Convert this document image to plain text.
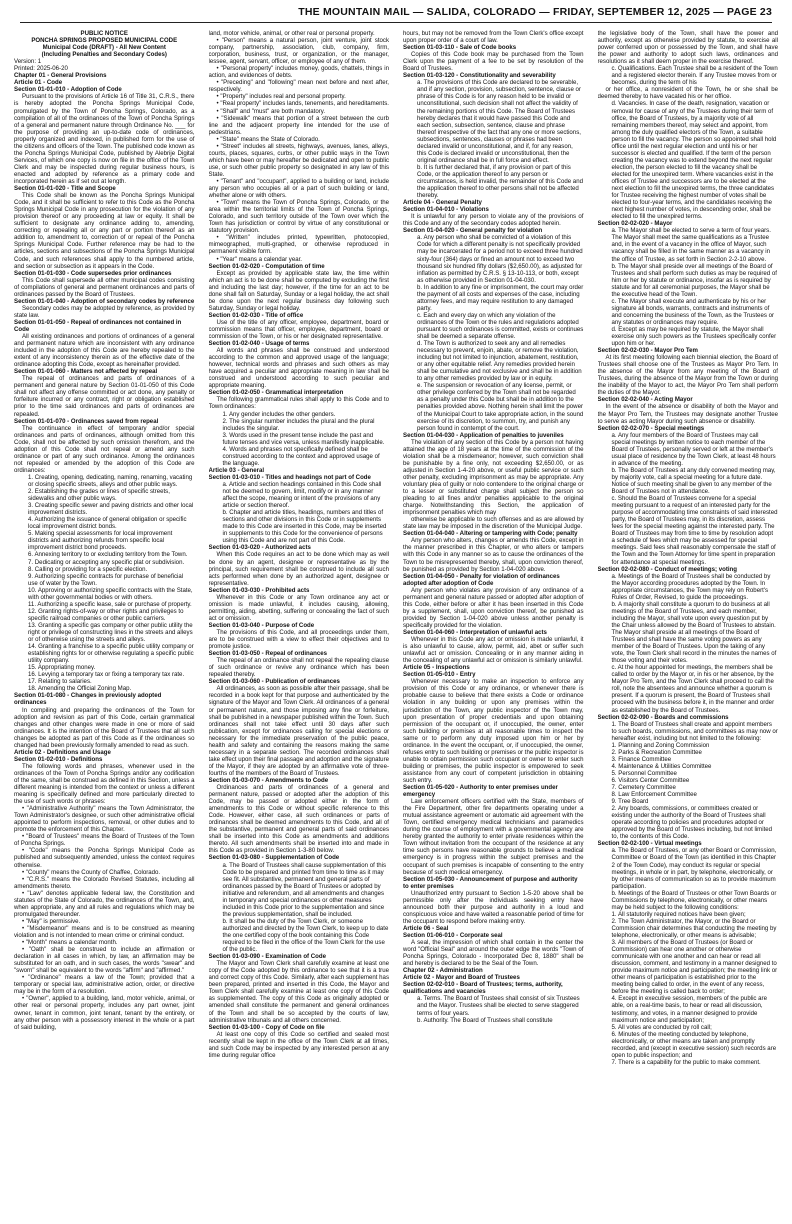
THE MOUNTAIN MAIL — SALIDA, COLORADO — FRIDAY, SEPTEMBER 12, 2025 — PAGE 23

PUBLIC NOTICE

PONCHA SPRINGS PROPOSED MUNICIPAL CODE

Municipal Code (DRAFT) - All New Content

(Including Penalties and Secondary Codes)

Version: 1

Printed: 2025-06-20

Chapter 01 - General Provisions

Article 01 - Code

Section 01-01-010 - Adoption of Code

Pursuant to the provisions of Article 16 of Title 31, C.R.S., there is hereby adopted the Poncha Springs Municipal Code, promulgated by the Town of Poncha Springs, Colorado, as a compilation of all of the ordinances of the Town of Poncha Springs of a general and permanent nature through Ordinance No. ___ for the purpose of providing an up-to-date code of ordinances, properly organized and indexed, in published form for the use of the citizens and officers of the Town. The published code known as the Poncha Springs Municipal Code, published by Alebrije Digital Services, of which one copy is now on file in the office of the Town Clerk and may be inspected during regular business hours, is enacted and adopted by reference as a primary code and incorporated herein as if set out at length.

Section 01-01-020 - Title and Scope

This Code shall be known as the Poncha Springs Municipal Code, and it shall be sufficient to refer to this Code as the Poncha Springs Municipal Code in any prosecution for the violation of any provision thereof or any proceeding at law or equity. It shall be sufficient to designate any ordinance adding to, amending, correcting or repealing all or any part or portion thereof as an addition to, amendment to, correction of or repeal of the Poncha Springs Municipal Code. Further reference may be had to the articles, sections and subsections of the Poncha Springs Municipal Code, and such references shall apply to the numbered article, and section or subsection as it appears in the Code.

Section 01-01-030 - Code supersedes prior ordinances

This Code shall supersede all other municipal codes consisting of compilations of general and permanent ordinances and parts of ordinances passed by the Board of Trustees.

Section 01-01-040 - Adoption of secondary codes by reference

Secondary codes may be adopted by reference, as provided by state law.

Section 01-01-050 - Repeal of ordinances not contained in Code

All existing ordinances and portions of ordinances of a general and permanent nature which are inconsistent with any ordinance included in the adoption of this Code are hereby repealed to the extent of any inconsistency therein as of the effective date of the ordinance adopting this Code, except as hereinafter provided.

Section 01-01-060 - Matters not affected by repeal

The repeal of ordinances and parts of ordinances of a permanent and general nature by Section 01-01-050 of this Code shall not affect any offense committed or act done, any penalty or forfeiture incurred or any contract, right or obligation established prior to the time said ordinances and parts of ordinances are repealed.

Section 01-01-070 - Ordinances saved from repeal

The continuance in effect of temporary and/or special ordinances and parts of ordinances, although omitted from this Code, shall not be affected by such omission therefrom, and the adoption of this Code shall not repeal or amend any such ordinance or part of any such ordinance. Among the ordinances not repealed or amended by the adoption of this Code are ordinances:

1. Creating, opening, dedicating, naming, renaming, vacating or closing specific streets, alleys and other public ways.

2. Establishing the grades or lines of specific streets, sidewalks and other public ways.

3. Creating specific sewer and paving districts and other local improvement districts.

4. Authorizing the issuance of general obligation or specific local improvement district bonds.

5. Making special assessments for local improvement districts and authorizing refunds from specific local improvement district bond proceeds.

6. Annexing territory to or excluding territory from the Town.

7. Dedicating or accepting any specific plat or subdivision.

8. Calling or providing for a specific election.

9. Authorizing specific contracts for purchase of beneficial use of water by the Town.

10. Approving or authorizing specific contracts with the State, with other governmental bodies or with others.

11. Authorizing a specific lease, sale or purchase of property.

12. Granting rights-of-way or other rights and privileges to specific railroad companies or other public carriers.

13. Granting a specific gas company or other public utility the right or privilege of constructing lines in the streets and alleys or of otherwise using the streets and alleys.

14. Granting a franchise to a specific public utility company or establishing rights for or otherwise regulating a specific public utility company.

15. Appropriating money.

16. Levying a temporary tax or fixing a temporary tax rate.

17. Relating to salaries.

18. Amending the Official Zoning Map.

Section 01-01-080 - Changes in previously adopted ordinances

In compiling and preparing the ordinances of the Town for adoption and revision as part of this Code, certain grammatical changes and other changes were made in one or more of said ordinances. It is the intention of the Board of Trustees that all such changes be adopted as part of this Code as if the ordinances so changed had been previously formally amended to read as such.

Article 02 - Definitions and Usage

Section 01-02-010 - Definitions

The following words and phrases, whenever used in the ordinances of the Town of Poncha Springs and/or any codification of the same, shall be construed as defined in this Section, unless a different meaning is intended from the context or unless a different meaning is specifically defined and more particularly directed to the use of such words or phrases:

• "Administrative Authority" means the Town Administrator, the Town Administrator's designee, or such other administrative official appointed to perform inspections, removal, or other duties and to promote the enforcement of this Chapter.

• "Board of Trustees" means the Board of Trustees of the Town of Poncha Springs.

• "Code" means the Poncha Springs Municipal Code as published and subsequently amended, unless the context requires otherwise.

• "County" means the County of Chaffee, Colorado.

• "C.R.S." means the Colorado Revised Statutes, including all amendments thereto.

• "Law" denotes applicable federal law, the Constitution and statutes of the State of Colorado, the ordinances of the Town, and, when appropriate, any and all rules and regulations which may be promulgated thereunder.

• "May" is permissive.

• "Misdemeanor" means and is to be construed as meaning violation and is not intended to mean crime or criminal conduct.

• "Month" means a calendar month.

• "Oath" shall be construed to include an affirmation or declaration in all cases in which, by law, an affirmation may be substituted for an oath, and in such cases, the words "swear" and "sworn" shall be equivalent to the words "affirm" and "affirmed."

• "Ordinance" means a law of the Town; provided that a temporary or special law, administrative action, order, or directive may be in the form of a resolution.

• "Owner", applied to a building, land, motor vehicle, animal, or other real or personal property, includes any part owner, joint owner, tenant in common, joint tenant, tenant by the entirety, or any other person with a possessory interest in the whole or a part of said building,

land, motor vehicle, animal, or other real or personal property.

• "Person" means a natural person, joint venture, joint stock company, partnership, association, club, company, firm, corporation, business, trust, or organization, or the manager, lessee, agent, servant, officer, or employee of any of them.

• "Personal property" includes money, goods, chattels, things in action, and evidences of debts.

• "Preceding" and "following" mean next before and next after, respectively.

• "Property" includes real and personal property.

• "Real property" includes lands, tenements, and hereditaments.

• "Shall" and "must" are both mandatory.

• "Sidewalk" means that portion of a street between the curb line and the adjacent property line intended for the use of pedestrians.

• "State" means the State of Colorado.

• "Street" includes all streets, highways, avenues, lanes, alleys, courts, places, squares, curbs, or other public ways in the Town which have been or may hereafter be dedicated and open to public use, or such other public property so designated in any law of this State.

• "Tenant" and "occupant", applied to a building or land, include any person who occupies all or a part of such building or land, whether alone or with others.

• "Town" means the Town of Poncha Springs, Colorado, or the area within the territorial limits of the Town of Poncha Springs, Colorado, and such territory outside of the Town over which the Town has jurisdiction or control by virtue of any constitutional or statutory provision.

• "Written" includes printed, typewritten, photocopied, mimeographed, multi-graphed, or otherwise reproduced in permanent visible form.

• "Year" means a calendar year.

Section 01-02-020 - Computation of time

Except as provided by applicable state law, the time within which an act is to be done shall be computed by excluding the first and including the last day; however, if the time for an act to be done shall fall on Saturday, Sunday or a legal holiday, the act shall be done upon the next regular business day following such Saturday, Sunday or legal holiday.

Section 01-02-030 - Title of office

Use of the title of any officer, employee, department, board or commission means that officer, employee, department, board or commission of the Town, or his or her designated representative.

Section 01-02-040 - Usage of terms

All words and phrases shall be construed and understood according to the common and approved usage of the language; however, technical words and phrases and such others as may have acquired a peculiar and appropriate meaning in law shall be construed and understood according to such peculiar and appropriate meaning.

Section 01-02-050 - Grammatical interpretation

The following grammatical rules shall apply to this Code and to Town ordinances:

1. Any gender includes the other genders.

2. The singular number includes the plural and the plural includes the singular.

3. Words used in the present tense include the past and future tenses and vice versa, unless manifestly inapplicable.

4. Words and phrases not specifically defined shall be construed according to the context and approved usage of the language.

Article 03 - General

Section 01-03-010 - Titles and headings not part of Code

a. Article and section headings contained in this Code shall not be deemed to govern, limit, modify or in any manner affect the scope, meaning or intent of the provisions of any article or section thereof.

b. Chapter and article titles, headings, numbers and titles of sections and other divisions in this Code or in supplements made to this Code are inserted in this Code, may be inserted in supplements to this Code for the convenience of persons using this Code and are not part of this Code.

Section 01-03-020 - Authorized acts

When this Code requires an act to be done which may as well be done by an agent, designee or representative as by the principal, such requirement shall be construed to include all such acts performed when done by an authorized agent, designee or representative.

Section 01-03-030 - Prohibited acts

Whenever in this Code or any Town ordinance any act or omission is made unlawful, it includes causing, allowing, permitting, aiding, abetting, suffering or concealing the fact of such act or omission.

Section 01-03-040 - Purpose of Code

The provisions of this Code, and all proceedings under them, are to be construed with a view to effect their objectives and to promote justice.

Section 01-03-050 - Repeal of ordinances

The repeal of an ordinance shall not repeal the repealing clause of such ordinance or revive any ordinance which has been repealed thereby.

Section 01-03-060 - Publication of ordinances

All ordinances, as soon as possible after their passage, shall be recorded in a book kept for that purpose and authenticated by the signature of the Mayor and Town Clerk. All ordinances of a general or permanent nature, and those imposing any fine or forfeiture, shall be published in a newspaper published within the Town. Such ordinances shall not take effect until 30 days after such publication, except for ordinances calling for special elections or necessary for the immediate preservation of the public peace, health and safety and containing the reasons making the same necessary in a separate section. The recorded ordinances shall take effect upon their final passage and adoption and the signature of the Mayor, if they are adopted by an affirmative vote of three-fourths of the members of the Board of Trustees.

Section 01-03-070 - Amendments to Code

Ordinances and parts of ordinances of a general and permanent nature, passed or adopted after the adoption of this Code, may be passed or adopted either in the form of amendments to this Code or without specific reference to this Code. However, either case, all such ordinances or parts of ordinances shall be deemed amendments to this Code, and all of the substantive, permanent and general parts of said ordinances shall be inserted into this Code as amendments and additions thereto. All such amendments shall be inserted into and made in this Code as provided in Section 1-3-80 below.

Section 01-03-080 - Supplementation of Code

a. The Board of Trustees shall cause supplementation of this Code to be prepared and printed from time to time as it may see fit. All substantive, permanent and general parts of ordinances passed by the Board of Trustees or adopted by initiative and referendum, and all amendments and changes in temporary and special ordinances or other measures included in this Code prior to the supplementation and since the previous supplementation, shall be included.

b. It shall be the duty of the Town Clerk, or someone authorized and directed by the Town Clerk, to keep up to date the one certified copy of the book containing this Code required to be filed in the office of the Town Clerk for the use of the public.

Section 01-03-090 - Examination of Code

The Mayor and Town Clerk shall carefully examine at least one copy of the Code adopted by this ordinance to see that it is a true and correct copy of this Code. Similarly, after each supplement has been prepared, printed and inserted in this Code, the Mayor and Town Clerk shall carefully examine at least one copy of this Code as supplemented. The copy of this Code as originally adopted or amended shall constitute the permanent and general ordinances of the Town and shall be so accepted by the courts of law, administrative tribunals and all others concerned.

Section 01-03-100 - Copy of Code on file

At least one copy of this Code so certified and sealed most recently shall be kept in the office of the Town Clerk at all times, and such Code may be inspected by any interested person at any time during regular office

hours, but may not be removed from the Town Clerk's office except upon proper order of a court of law.

Section 01-03-110 - Sale of Code books

Copies of this Code book may be purchased from the Town Clerk upon the payment of a fee to be set by resolution of the Board of Trustees.

Section 01-03-120 - Constitutionality and severability

a. The provisions of this Code are declared to be severable, and if any section, provision, subsection, sentence, clause or phrase of this Code is for any reason held to be invalid or unconstitutional, such decision shall not affect the validity of the remaining portions of this Code. The Board of Trustees hereby declares that it would have passed this Code and each section, subsection, sentence, clause and phrase thereof irrespective of the fact that any one or more sections, subsections, sentences, clauses or phrases had been declared invalid or unconstitutional, and if, for any reason, this Code is declared invalid or unconstitutional, then the original ordinance shall be in full force and effect.

b. It is further declared that, if any provision or part of this Code, or the application thereof to any person or circumstances, is held invalid, the remainder of this Code and the application thereof to other persons shall not be affected thereby.

Article 04 - General Penalty

Section 01-04-010 - Violations

It is unlawful for any person to violate any of the provisions of this Code and any of the secondary codes adopted herein.

Section 01-04-020 - General penalty for violation

a. Any person who shall be convicted of a violation of this Code for which a different penalty is not specifically provided may be incarcerated for a period not to exceed three hundred sixty-four (364) days or fined an amount not to exceed two thousand six hundred fifty dollars ($2,650.00), as adjusted for inflation as permitted by C.R.S. § 13-10-113, or both, except as otherwise provided in Section 01-04-030.

b. In addition to any fine or imprisonment, the court may order the payment of all costs and expenses of the case, including attorney fees, and may require restitution to any damaged party.

c. Each and every day on which any violation of the ordinances of the Town or the rules and regulations adopted pursuant to such ordinances is committed, exists or continues shall be deemed a separate offense.

d. The Town is authorized to seek any and all remedies necessary to prevent, enjoin, abate, or remove the violation, including but not limited to injunction, abatement, restitution, or any other equitable relief. Any remedies provided herein shall be cumulative and not exclusive and shall be in addition to any other remedies provided by law or in equity.

e. The suspension or revocation of any license, permit, or other privilege conferred by the Town shall not be regarded as a penalty under this Code but shall be in addition to the penalties provided above. Nothing herein shall limit the power of the Municipal Court to take appropriate action, in the sound exercise of its discretion, to summon, try, and punish any person found in contempt of the court.

Section 01-04-030 - Application of penalties to juveniles

The violation of any section of this Code by a person not having attained the age of 18 years at the time of the commission of the violation shall be a misdemeanor; however, such conviction shall be punishable by a fine only, not exceeding $2,650.00, or as adjusted in Section 1-4-20 above, or useful public service or such other penalty, excluding imprisonment as may be appropriate. Any voluntary plea of guilty or nolo contendere to the original charge or to a lesser or substituted charge shall subject the person so pleading to all fines and/or penalties applicable to the original charge. Notwithstanding this Section, the application of imprisonment penalties which may

otherwise be applicable to such offenses and as are allowed by state law may be imposed in the discretion of the Municipal Judge.

Section 01-04-040 - Altering or tampering with Code; penalty

Any person who alters, changes or amends this Code, except in the manner prescribed in this Chapter, or who alters or tampers with this Code in any manner so as to cause the ordinances of the Town to be misrepresented thereby, shall, upon conviction thereof, be punished as provided by Section 1-04-020 above.

Section 01-04-050 - Penalty for violation of ordinances adopted after adoption of Code

Any person who violates any provision of any ordinance of a permanent and general nature passed or adopted after adoption of this Code, either before or after it has been inserted in this Code by a supplement, shall, upon conviction thereof, be punished as provided by Section 1-04-020 above unless another penalty is specifically provided for the violation.

Section 01-04-060 - Interpretation of unlawful acts

Whenever in this Code any act or omission is made unlawful, it is also unlawful to cause, allow, permit, aid, abet or suffer such unlawful act or omission. Concealing or in any manner aiding in the concealing of any unlawful act or omission is similarly unlawful.

Article 05 - Inspections

Section 01-05-010 - Entry

Whenever necessary to make an inspection to enforce any provision of this Code or any ordinance, or whenever there is probable cause to believe that there exists a Code or ordinance violation in any building or upon any premises within the jurisdiction of the Town, any public inspector of the Town may, upon presentation of proper credentials and upon obtaining permission of the occupant or, if unoccupied, the owner, enter such building or premises at all reasonable times to inspect the same or to perform any duty imposed upon him or her by ordinance. In the event the occupant, or, if unoccupied, the owner, refuses entry to such building or premises or the public inspector is unable to obtain permission such occupant or owner to enter such building or premises, the public inspector is empowered to seek assistance from any court of competent jurisdiction in obtaining such entry.

Section 01-05-020 - Authority to enter premises under emergency

Law enforcement officers certified with the State, members of the Fire Department, other fire departments operating under a mutual assistance agreement or automatic aid agreement with the Town, certified emergency medical technicians and paramedics during the course of employment with a governmental agency are hereby granted the authority to enter private residences within the Town without invitation from the occupant of the residence at any time such persons have reasonable grounds to believe a medical emergency is in progress within the subject premises and the occupant of such premises is incapable of consenting to the entry because of such medical emergency.

Section 01-05-030 - Announcement of purpose and authority to enter premises

Unauthorized entry pursuant to Section 1-5-20 above shall be permissible only after the individuals seeking entry have announced both their purpose and authority in a loud and conspicuous voice and have waited a reasonable period of time for the occupant to respond before making entry.

Article 06 - Seal

Section 01-06-010 - Corporate seal

A seal, the impression of which shall contain in the center the word "Official Seal" and around the outer edge the words "Town of Poncha Springs, Colorado - Incorporated Dec 8, 1880" shall be and hereby is declared to be the Seal of the Town.

Chapter 02 - Administration

Article 02 - Mayor and Board of Trustees

Section 02-02-010 - Board of Trustees; terms, authority, qualifications and vacancies

a. Terms. The Board of Trustees shall consist of six Trustees and the Mayor. Trustees shall be elected to serve staggered terms of four years.

b. Authority. The Board of Trustees shall constitute

the legislative body of the Town, shall have the power and authority, except as otherwise provided by statute, to exercise all power conferred upon or possessed by the Town, and shall have the power and authority to adopt such laws, ordinances and resolutions as it shall deem proper in the exercise thereof.

c. Qualifications. Each Trustee shall be a resident of the Town and a registered elector therein. If any Trustee moves from or becomes, during the term of his

or her office, a nonresident of the Town, he or she shall be deemed thereby to have vacated his or her office.

d. Vacancies. In case of the death, resignation, vacation or removal for cause of any of the Trustees during their term of office, the Board of Trustees, by a majority vote of all remaining members thereof, may select and appoint, from among the duly qualified electors of the Town, a suitable person to fill the vacancy. The person so appointed shall hold office until the next regular election and until his or her successor is elected and qualified. If the term of the person creating the vacancy was to extend beyond the next regular election, the person elected to fill the vacancy shall be elected for the unexpired term. Where vacancies exist in the offices of Trustee and successors are to be elected at the next election to fill the unexpired terms, the three candidates for Trustee receiving the highest number of votes shall be elected to four-year terms, and the candidates receiving the next highest number of votes, in descending order, shall be elected to fill the unexpired terms.

Section 02-02-020 - Mayor

a. The Mayor shall be elected to serve a term of four years. The Mayor shall meet the same qualifications as a Trustee and, in the event of a vacancy in the office of Mayor, such vacancy shall be filled in the same manner as a vacancy in the office of Trustee, as set forth in Section 2-2-10 above.

b. The Mayor shall preside over all meetings of the Board of Trustees and shall perform such duties as may be required of him or her by statute or ordinance, insofar as is required by statute and for all ceremonial purposes, the Mayor shall be the executive head of the Town.

c. The Mayor shall execute and authenticate by his or her signature all bonds, warrants, contracts and instruments of and concerning the business of the Town, as the Trustees or any statutes or ordinances may require.

d. Except as may be required by statute, the Mayor shall exercise only such powers as the Trustees specifically confer upon him or her.

Section 02-02-030 - Mayor Pro Tem

At its first meeting following each biennial election, the Board of Trustees shall choose one of the Trustees as Mayor Pro Tem. In the absence of the Mayor from any meeting of the Board of Trustees, during the absence of the Mayor from the Town or during the inability of the Mayor to act, the Mayor Pro Tem shall perform the duties of the Mayor.

Section 02-02-040 - Acting Mayor

In the event of the absence or disability of both the Mayor and the Mayor Pro Tem, the Trustees may designate another Trustee to serve as acting Mayor during such absence or disability.

Section 02-02-070 - Special meetings

a. Any four members of the Board of Trustees may call special meetings by written notice to each member of the Board of Trustees, personally served or left at the member's usual place of residence by the Town Clerk, at least 48 hours in advance of the meeting.

b. The Board of Trustees at any duly convened meeting may, by majority vote, call a special meeting for a future date. Notice of such meeting shall be given to any member of the Board of Trustees not in attendance.

c. Should the Board of Trustees convene for a special meeting pursuant to a request of an interested party for the purpose of accommodating time constraints of said interested party, the Board of Trustees may, in its discretion, assess fees for the special meeting against the interested party. The Board of Trustees may from time to time by resolution adopt a schedule of fees which may be assessed for special meetings. Said fees shall reasonably compensate the staff of the Town and the Town Attorney for time spent in preparation for attendance at special meetings.

Section 02-02-080 - Conduct of meetings; voting

a. Meetings of the Board of Trustees shall be conducted by the Mayor according procedures adopted by the Town. In appropriate circumstances, the Town may rely on Robert's Rules of Order, Revised, to guide the proceedings.

b. A majority shall constitute a quorum to do business at all meetings of the Board of Trustees, and each member, including the Mayor, shall vote upon every question put by the Chair unless allowed by the Board of Trustees to abstain. The Mayor shall preside at all meetings of the Board of Trustees and shall have the same voting powers as any member of the Board of Trustees. Upon the taking of any vote, the Town Clerk shall record in the minutes the names of those voting and their votes.

c. At the hour appointed for meetings, the members shall be called to order by the Mayor or, in his or her absence, by the Mayor Pro Tem, and the Town Clerk shall proceed to call the roll, note the absentees and announce whether a quorum is present. If a quorum is present, the Board of Trustees shall proceed with the business before it, in the manner and order as established by the Board of Trustees.

Section 02-02-090 - Boards and commissions

1. The Board of Trustees shall create and appoint members to such boards, commissions, and committees as may now or hereafter exist, including but not limited to the following:

1. Planning and Zoning Commission

2. Parks & Recreation Committee

3. Finance Committee

4. Maintenance & Utilities Committee

5. Personnel Committee

6. Visitors Center Committee

7. Cemetery Committee

8. Law Enforcement Committee

9. Tree Board

2. Any boards, commissions, or committees created or existing under the authority of the Board of Trustees shall operate according to policies and procedures adopted or approved by the Board of Trustees including, but not limited to, the contents of this Code.

Section 02-02-100 - Virtual meetings

a. The Board of Trustees, or any other Board or Commission, Committee or Board of the Town (as identified in this Chapter 2 of the Town Code), may conduct its regular or special meetings, in whole or in part, by telephone, electronically, or by other means of communication so as to provide maximum participation.

b. Meetings of the Board of Trustees or other Town Boards or Commissions by telephone, electronically, or other means may be held subject to the following conditions:

1. All statutorily required notices have been given;

2. The Town Administrator, the Mayor, or the Board or Commission chair determines that conducting the meeting by telephone, electronically, or other means is advisable;

3. All members of the Board of Trustees (or Board or Commission) can hear one another or otherwise communicate with one another and can hear or read all discussion, comment, and testimony in a manner designed to provide maximum notice and participation; the meeting link or other means of participation is established prior to the meeting being called to order, in the event of any recess, before the meeting is called back to order;

4. Except in executive session, members of the public are able, on a real-time basis, to hear or read all discussion, testimony, and votes, in a manner designed to provide maximum notice and participation;

5. All votes are conducted by roll call;

6. Minutes of the meeting conducted by telephone, electronically, or other means are taken and promptly recorded, and (except in executive session) such records are open to public inspection; and

7. There is a capability for the public to make comment.
